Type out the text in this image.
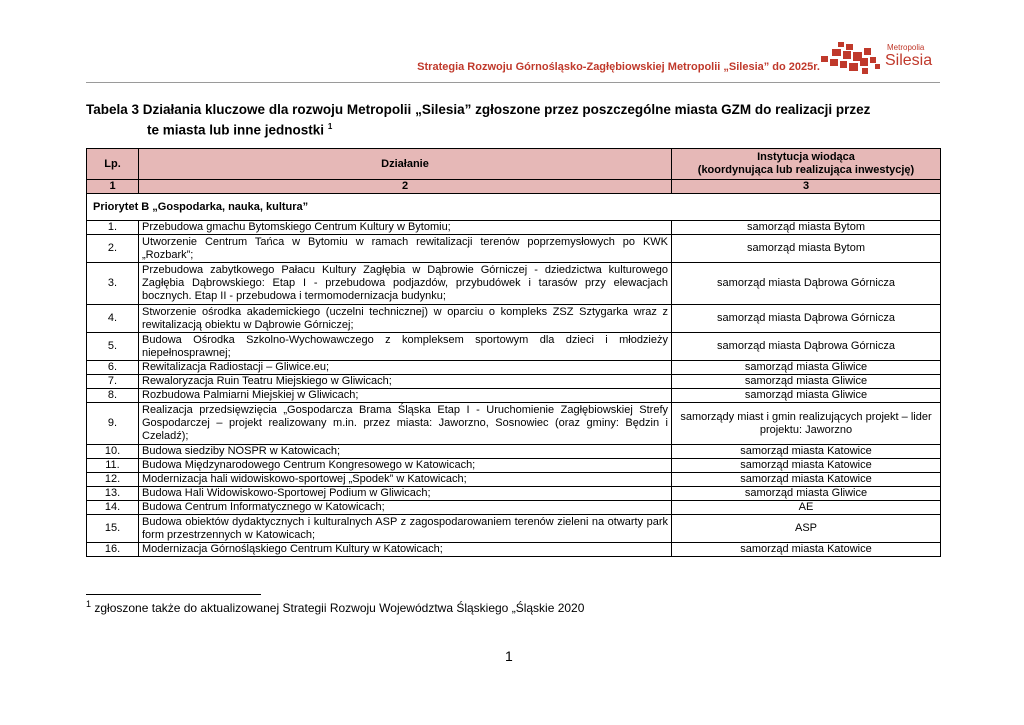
Strategia Rozwoju Górnośląsko-Zagłębiowskiej Metropolii „Silesia” do 2025r.
Metropolia
Silesia
Tabela 3 Działania kluczowe dla rozwoju Metropolii „Silesia” zgłoszone przez poszczególne miasta GZM do realizacji przez
te miasta lub inne jednostki $^1$
Lp.	Działanie	Instytucja wiodąca
(koordynująca lub realizująca inwestycję)

1	2	3
Priorytet B „Gospodarka, nauka, kultura”		
1.	Przebudowa gmachu Bytomskiego Centrum Kultury w Bytomiu;	samorząd miasta Bytom
2.	Utworzenie Centrum Tańca w Bytomiu w ramach rewitalizacji terenów poprzemysłowych po KWK „Rozbark”;	samorząd miasta Bytom
3.	Przebudowa zabytkowego Pałacu Kultury Zagłębia w Dąbrowie Górniczej - dziedzictwa kulturowego Zagłębia Dąbrowskiego: Etap I - przebudowa podjazdów, przybudówek i tarasów przy elewacjach bocznych. Etap II - przebudowa i termomodernizacja budynku;	samorząd miasta Dąbrowa Górnicza
4.	Stworzenie ośrodka akademickiego (uczelni technicznej) w oparciu o kompleks ZSZ Sztygarka wraz z rewitalizacją obiektu w Dąbrowie Górniczej;	samorząd miasta Dąbrowa Górnicza
5.	Budowa Ośrodka Szkolno-Wychowawczego z kompleksem sportowym dla dzieci i młodzieży niepełnosprawnej;	samorząd miasta Dąbrowa Górnicza
6.	Rewitalizacja Radiostacji – Gliwice.eu;	samorząd miasta Gliwice
7.	Rewaloryzacja Ruin Teatru Miejskiego w Gliwicach;	samorząd miasta Gliwice
8.	Rozbudowa Palmiarni Miejskiej w Gliwicach;	samorząd miasta Gliwice
9.	Realizacja przedsięwzięcia „Gospodarcza Brama Śląska Etap I - Uruchomienie Zagłębiowskiej Strefy Gospodarczej – projekt realizowany m.in. przez miasta: Jaworzno, Sosnowiec (oraz gminy: Będzin i Czeladź);	samorządy miast i gmin realizujących projekt – lider projektu: Jaworzno
10.	Budowa siedziby NOSPR w Katowicach;	samorząd miasta Katowice
11.	Budowa Międzynarodowego Centrum Kongresowego w Katowicach;	samorząd miasta Katowice
12.	Modernizacja hali widowiskowo-sportowej „Spodek” w Katowicach;	samorząd miasta Katowice
13.	Budowa Hali Widowiskowo-Sportowej Podium w Gliwicach;	samorząd miasta Gliwice
14.	Budowa Centrum Informatycznego w Katowicach;	AE
15.	Budowa obiektów dydaktycznych i kulturalnych ASP z zagospodarowaniem terenów zieleni na otwarty park form przestrzennych w Katowicach;	ASP
16.	Modernizacja Górnośląskiego Centrum Kultury w Katowicach;	samorząd miasta Katowice
$^1$ zgłoszone także do aktualizowanej Strategii Rozwoju Województwa Śląskiego „Śląskie 2020
1
